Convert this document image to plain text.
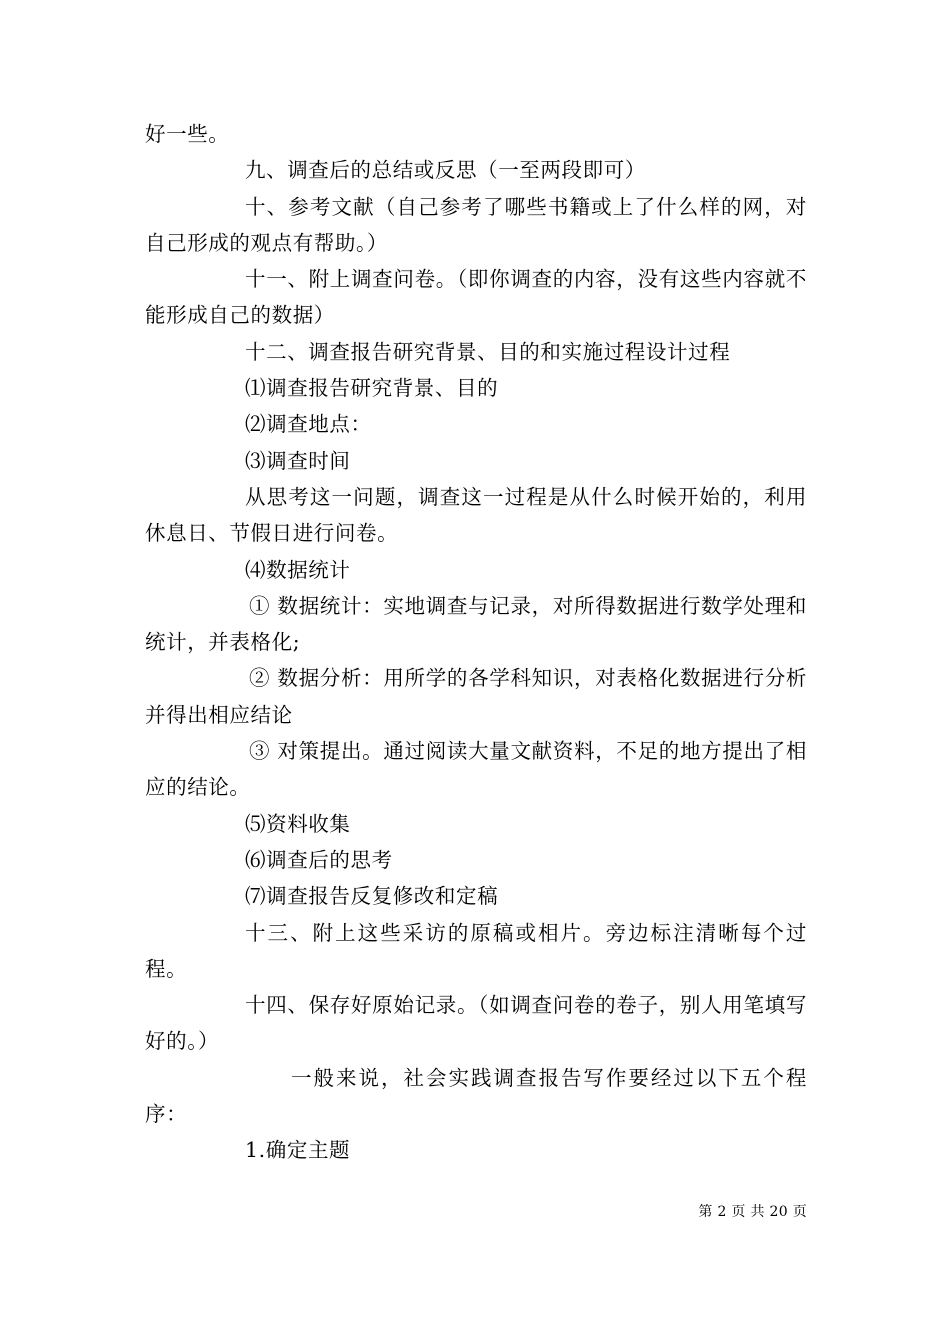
好一些。

九、调查后的总结或反思（一至两段即可）

十、参考文献（自己参考了哪些书籍或上了什么样的网，对自己形成的观点有帮助。）

十一、附上调查问卷。（即你调查的内容，没有这些内容就不能形成自己的数据）

十二、调查报告研究背景、目的和实施过程设计过程

⑴调查报告研究背景、目的

⑵调查地点：

⑶调查时间

从思考这一问题，调查这一过程是从什么时候开始的，利用休息日、节假日进行问卷。

⑷数据统计

① 数据统计：实地调查与记录，对所得数据进行数学处理和统计，并表格化;

② 数据分析：用所学的各学科知识，对表格化数据进行分析并得出相应结论

③ 对策提出。通过阅读大量文献资料，不足的地方提出了相应的结论。

⑸资料收集

⑹调查后的思考

⑺调查报告反复修改和定稿

十三、附上这些采访的原稿或相片。旁边标注清晰每个过程。

十四、保存好原始记录。（如调查问卷的卷子，别人用笔填写好的。）

一般来说，社会实践调查报告写作要经过以下五个程序：

1.确定主题

第 2 页 共 20 页
